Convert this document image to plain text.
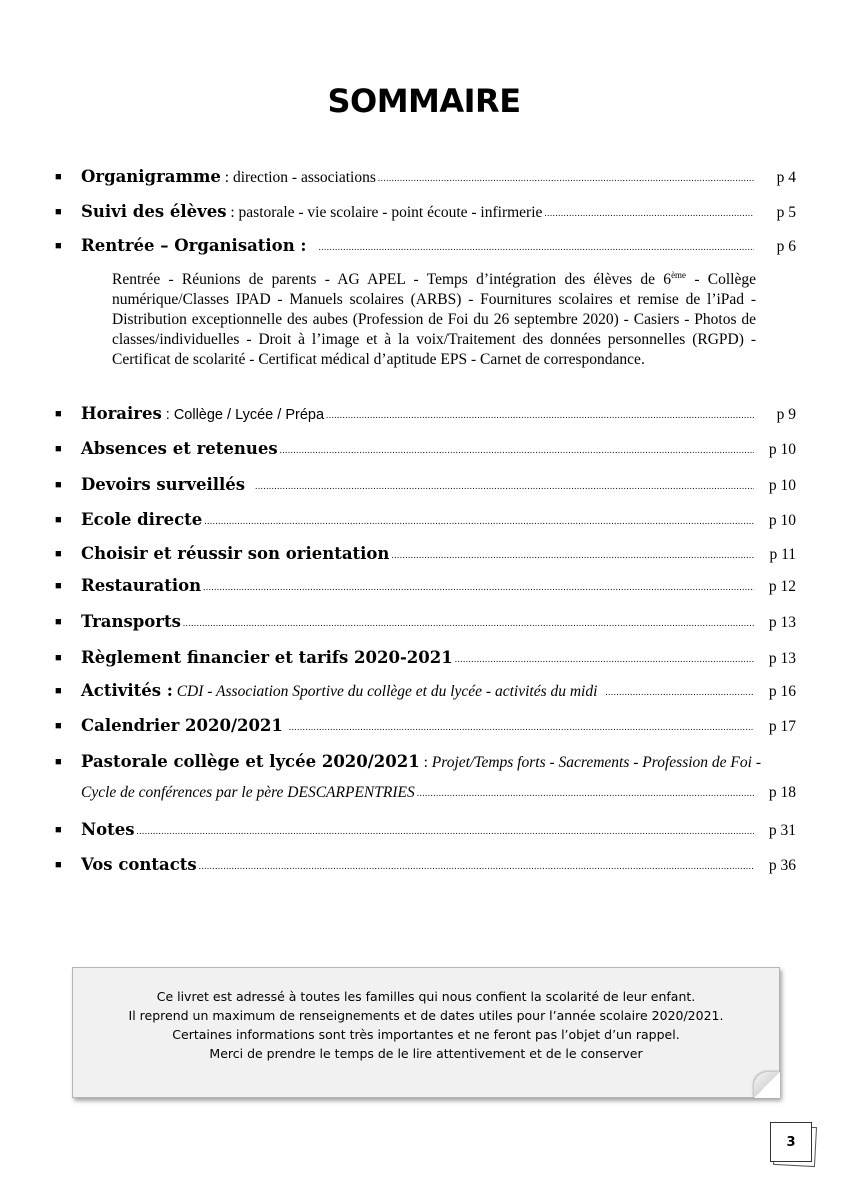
SOMMAIRE
■	Organigramme : direction - associations .....	p 4
■	Suivi des élèves : pastorale - vie scolaire - point écoute - infirmerie .....	p 5
■	Rentrée – Organisation : .....	p 6
Rentrée - Réunions de parents - AG APEL - Temps d’intégration des élèves de 6ème - Collège numérique/Classes IPAD - Manuels scolaires (ARBS) - Fournitures scolaires et remise de l’iPad - Distribution exceptionnelle des aubes (Profession de Foi du 26 septembre 2020) - Casiers - Photos de classes/individuelles - Droit à l’image et à la voix/Traitement des données personnelles (RGPD) - Certificat de scolarité - Certificat médical d’aptitude EPS - Carnet de correspondance.
■	Horaires : Collège / Lycée / Prépa .....	p 9
■	Absences et retenues .....	p 10
■	Devoirs surveillés .....	p 10
■	Ecole directe .....	p 10
■	Choisir et réussir son orientation .....	p 11
■	Restauration .....	p 12
■	Transports .....	p 13
■	Règlement financier et tarifs 2020-2021 .....	p 13
■	Activités : CDI - Association Sportive du collège et du lycée - activités du midi .....	p 16
■	Calendrier 2020/2021 .....	p 17
■	Pastorale collège et lycée 2020/2021 : Projet/Temps forts - Sacrements - Profession de Foi -
Cycle de conférences par le père DESCARPENTRIES .....	p 18
■	Notes .....	p 31
■	Vos contacts .....	p 36
Ce livret est adressé à toutes les familles qui nous confient la scolarité de leur enfant.
Il reprend un maximum de renseignements et de dates utiles pour l’année scolaire 2020/2021.
Certaines informations sont très importantes et ne feront pas l’objet d’un rappel.
Merci de prendre le temps de le lire attentivement et de le conserver
3
